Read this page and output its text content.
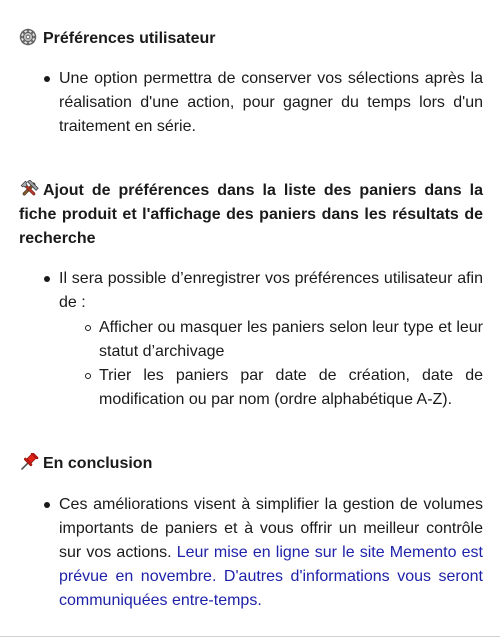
Préférences utilisateur
Une option permettra de conserver vos sélections après la réalisation d'une action, pour gagner du temps lors d'un traitement en série.
Ajout de préférences dans la liste des paniers dans la fiche produit et l'affichage des paniers dans les résultats de recherche
Il sera possible d’enregistrer vos préférences utilisateur afin de :
Afficher ou masquer les paniers selon leur type et leur statut d’archivage
Trier les paniers par date de création, date de modification ou par nom (ordre alphabétique A-Z).
En conclusion
Ces améliorations visent à simplifier la gestion de volumes importants de paniers et à vous offrir un meilleur contrôle sur vos actions. Leur mise en ligne sur le site Memento est prévue en novembre. D'autres d'informations vous seront communiquées entre-temps.
